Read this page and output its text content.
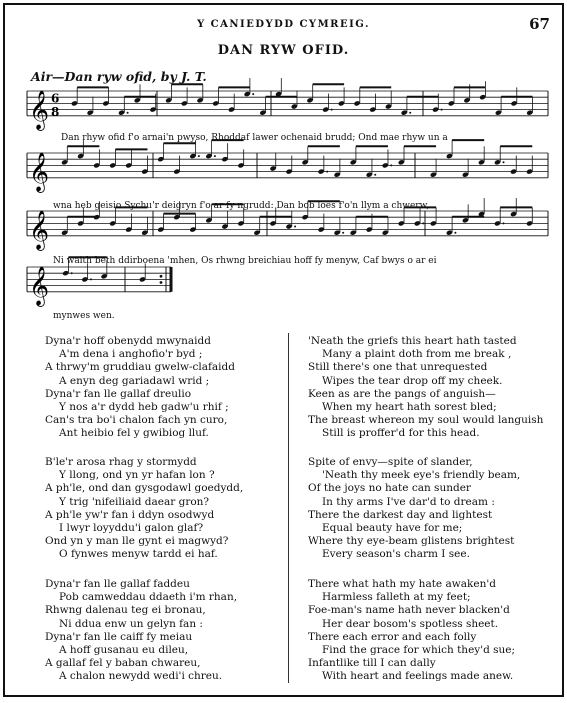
Y CANIEDYDD CYMREIG.	67
DAN RYW OFID.
Air—Dan ryw ofid, by J. T.
𝄞 6
8
𝄞
𝄞
𝄞
Dan rhyw ofid f'o arnai'n pwyso, Rhoddaf lawer ochenaid brudd; Ond mae rhyw un a
wna heb geisio Sychu'r deigryn f'o ar fy ngrudd: Dan bob loes f'o'n llym a chwerw,
Ni waith beth ddirboena 'mhen, Os rhwng breichiau hoff fy menyw, Caf bwys o ar ei
mynwes wen.
Dyna'r hoff obenydd mwynaidd
A'm dena i anghofio'r byd ;
A thrwy'm gruddiau gwelw-clafaidd
A enyn deg gariadawl wrid ;
Dyna'r fan lle gallaf dreulio
Y nos a'r dydd heb gadw'u rhif ;
Can's tra bo'i chalon fach yn curo,
Ant heibio fel y gwibiog lluf.
B'le'r arosa rhag y stormydd
Y llong, ond yn yr hafan lon ?
A ph'le, ond dan gysgodawl goedydd,
Y trig 'nifeiliaid daear gron?
A ph'le yw'r fan i ddyn osodwyd
I lwyr loyyddu'i galon glaf?
Ond yn y man lle gynt ei magwyd?
O fynwes menyw tardd ei haf.
Dyna'r fan lle gallaf faddeu
Pob camweddau ddaeth i'm rhan,
Rhwng dalenau teg ei bronau,
Ni ddua enw un gelyn fan :
Dyna'r fan lle caiff fy meiau
A hoff gusanau eu dileu,
A gallaf fel y baban chwareu,
A chalon newydd wedi'i chreu.
'Neath the griefs this heart hath tasted
Many a plaint doth from me break ,
Still there's one that unrequested
Wipes the tear drop off my cheek.
Keen as are the pangs of anguish—
When my heart hath sorest bled;
The breast whereon my soul would languish
Still is proffer'd for this head.
Spite of envy—spite of slander,
'Neath thy meek eye's friendly beam,
Of the joys no hate can sunder
In thy arms I've dar'd to dream :
There the darkest day and lightest
Equal beauty have for me;
Where thy eye-beam glistens brightest
Every season's charm I see.
There what hath my hate awaken'd
Harmless falleth at my feet;
Foe-man's name hath never blacken'd
Her dear bosom's spotless sheet.
There each error and each folly
Find the grace for which they'd sue;
Infantlike till I can dally
With heart and feelings made anew.
